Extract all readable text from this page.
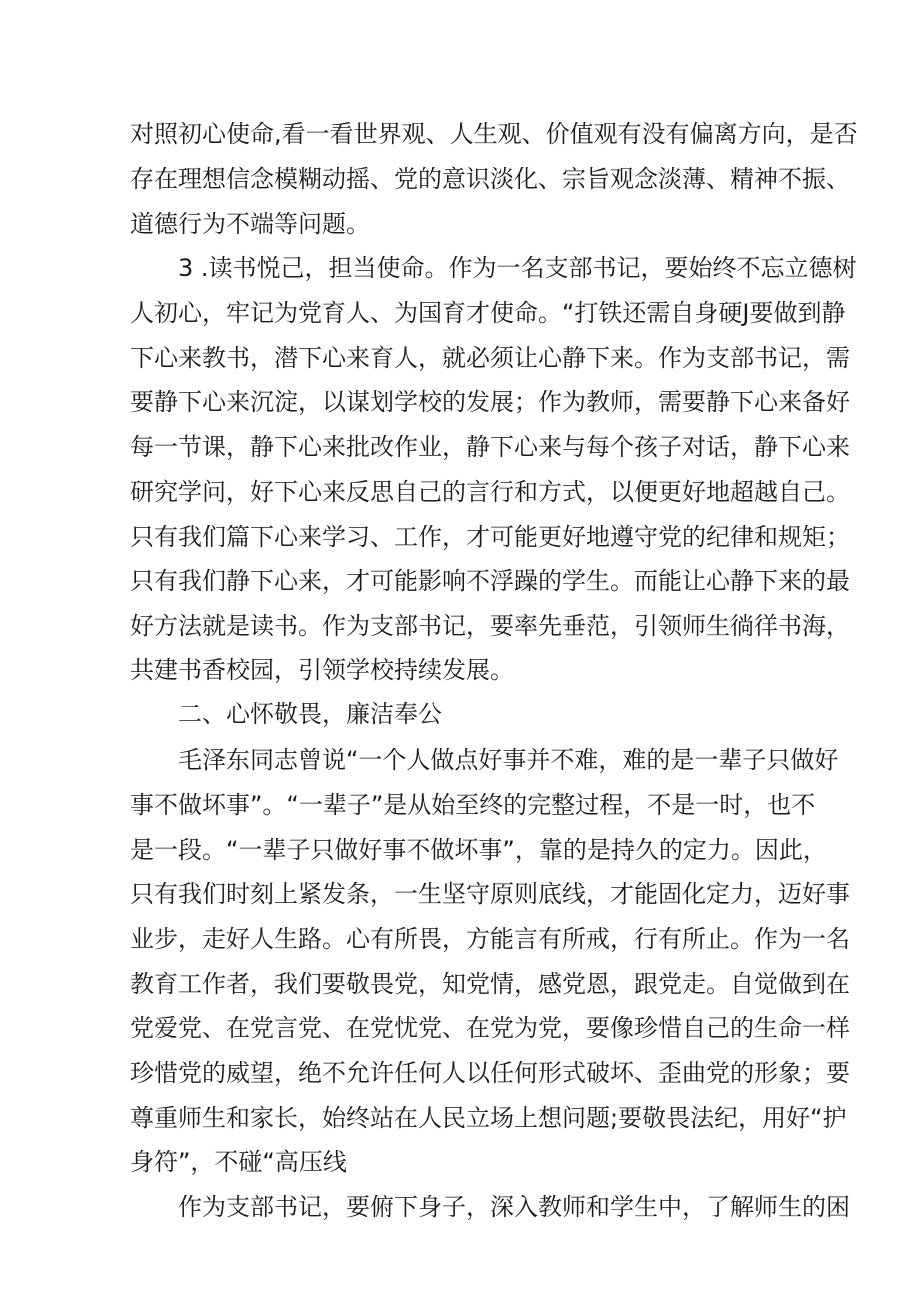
对照初心使命,看一看世界观、人生观、价值观有没有偏离方向，是否
存在理想信念模糊动摇、党的意识淡化、宗旨观念淡薄、精神不振、
道德行为不端等问题。
3 .读书悦己，担当使命。作为一名支部书记，要始终不忘立德树
人初心，牢记为党育人、为国育才使命。“打铁还需自身硬J要做到静
下心来教书，潜下心来育人，就必须让心静下来。作为支部书记，需
要静下心来沉淀，以谋划学校的发展；作为教师，需要静下心来备好
每一节课，静下心来批改作业，静下心来与每个孩子对话，静下心来
研究学问，好下心来反思自己的言行和方式，以便更好地超越自己。
只有我们篇下心来学习、工作，才可能更好地遵守党的纪律和规矩；
只有我们静下心来，才可能影响不浮躁的学生。而能让心静下来的最
好方法就是读书。作为支部书记，要率先垂范，引领师生徜徉书海，
共建书香校园，引领学校持续发展。
二、心怀敬畏，廉洁奉公
毛泽东同志曾说“一个人做点好事并不难，难的是一辈子只做好
事不做坏事”。“一辈子”是从始至终的完整过程，不是一时，也不
是一段。“一辈子只做好事不做坏事”，靠的是持久的定力。因此，
只有我们时刻上紧发条，一生坚守原则底线，才能固化定力，迈好事
业步，走好人生路。心有所畏，方能言有所戒，行有所止。作为一名
教育工作者，我们要敬畏党，知党情，感党恩，跟党走。自觉做到在
党爱党、在党言党、在党忧党、在党为党，要像珍惜自己的生命一样
珍惜党的威望，绝不允许任何人以任何形式破坏、歪曲党的形象；要
尊重师生和家长，始终站在人民立场上想问题;要敬畏法纪，用好“护
身符”，不碰“高压线
作为支部书记，要俯下身子，深入教师和学生中，了解师生的困
